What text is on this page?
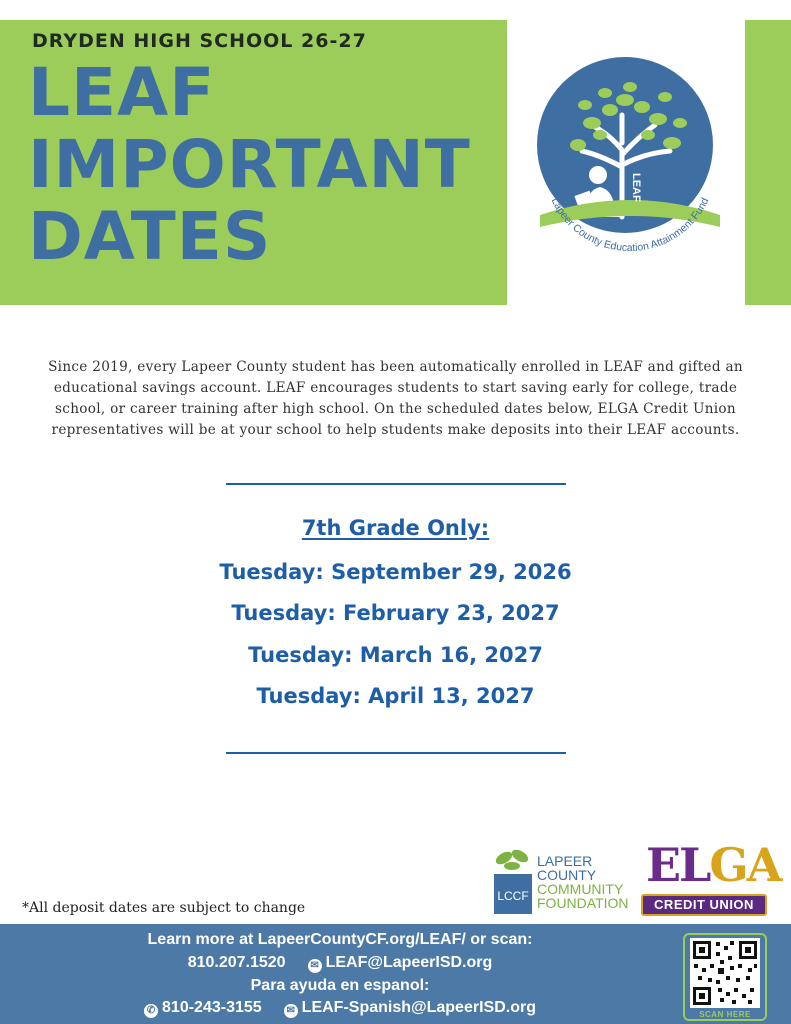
DRYDEN HIGH SCHOOL 26-27
LEAF
IMPORTANT
DATES
LEAF
Lapeer County Education Attainment Fund

Since 2019, every Lapeer County student has been automatically enrolled in LEAF and gifted an educational savings account. LEAF encourages students to start saving early for college, trade school, or career training after high school. On the scheduled dates below, ELGA Credit Union representatives will be at your school to help students make deposits into their LEAF accounts.

7th Grade Only:
Tuesday: September 29, 2026
Tuesday: February 23, 2027
Tuesday: March 16, 2027
Tuesday: April 13, 2027
*All deposit dates are subject to change
LCCF
LAPEER
COUNTY
COMMUNITY
FOUNDATION
ELGA
CREDIT UNION
Learn more at LapeerCountyCF.org/LEAF/ or scan:
810.207.1520 ✉ LEAF@LapeerISD.org
Para ayuda en espanol:
✆ 810-243-3155 ✉ LEAF-Spanish@LapeerISD.org	SCAN HERE
